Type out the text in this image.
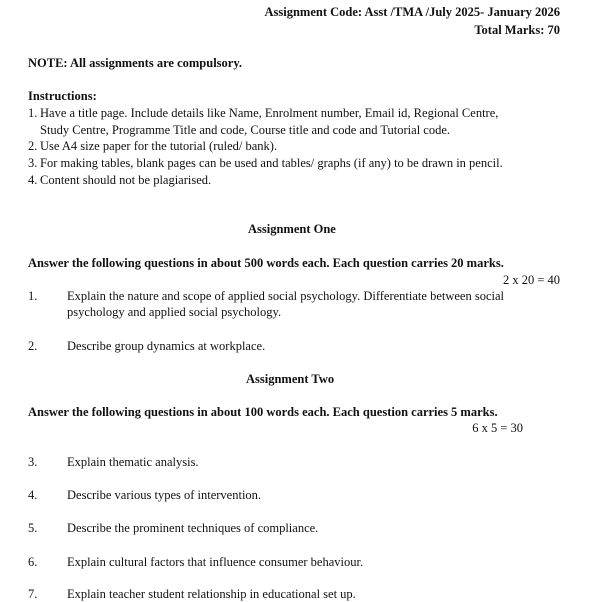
Assignment Code: Asst /TMA /July 2025- January 2026
Total Marks: 70
NOTE: All assignments are compulsory.
Instructions:
1. Have a title page. Include details like Name, Enrolment number, Email id, Regional Centre,
Study Centre, Programme Title and code, Course title and code and Tutorial code.
2. Use A4 size paper for the tutorial (ruled/ bank).
3. For making tables, blank pages can be used and tables/ graphs (if any) to be drawn in pencil.
4. Content should not be plagiarised.
Assignment One
Answer the following questions in about 500 words each. Each question carries 20 marks.
2 x 20 = 40
1. Explain the nature and scope of applied social psychology. Differentiate between social
psychology and applied social psychology.
2. Describe group dynamics at workplace.
Assignment Two
Answer the following questions in about 100 words each. Each question carries 5 marks.
6 x 5 = 30
3. Explain thematic analysis.
4. Describe various types of intervention.
5. Describe the prominent techniques of compliance.
6. Explain cultural factors that influence consumer behaviour.
7. Explain teacher student relationship in educational set up.
